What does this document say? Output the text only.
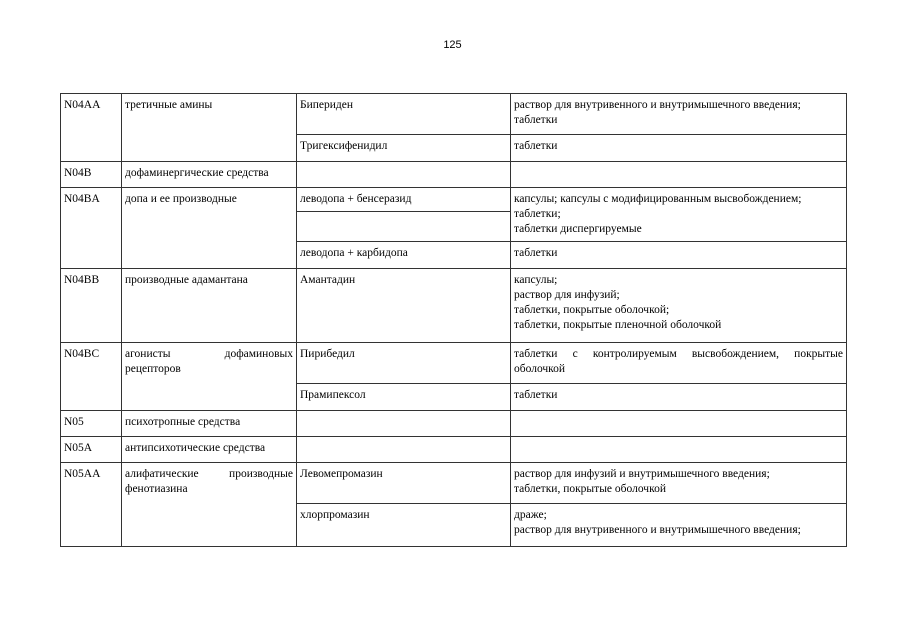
125
N04AA	третичные амины	Бипериден	раствор для внутривенного и внутримышечного введения;
таблетки
		Тригексифенидил	таблетки
N04B	дофаминергические средства		
N04BA	допа и ее производные	леводопа + бенсеразид	капсулы; капсулы с модифицированным высвобождением;
таблетки;
таблетки диспергируемые

		леводопа + карбидопа	таблетки
N04BB	производные адамантана	Амантадин	капсулы;
раствор для инфузий;
таблетки, покрытые оболочкой;
таблетки, покрытые пленочной оболочкой
N04BC	агонисты дофаминовых рецепторов	Пирибедил	таблетки с контролируемым высвобождением, покрытые оболочкой
		Прамипексол	таблетки
N05	психотропные средства		
N05A	антипсихотические средства		
N05AA	алифатические производные фенотиазина	Левомепромазин	раствор для инфузий и внутримышечного введения;
таблетки, покрытые оболочкой
		хлорпромазин	драже;
раствор для внутривенного и внутримышечного введения;
